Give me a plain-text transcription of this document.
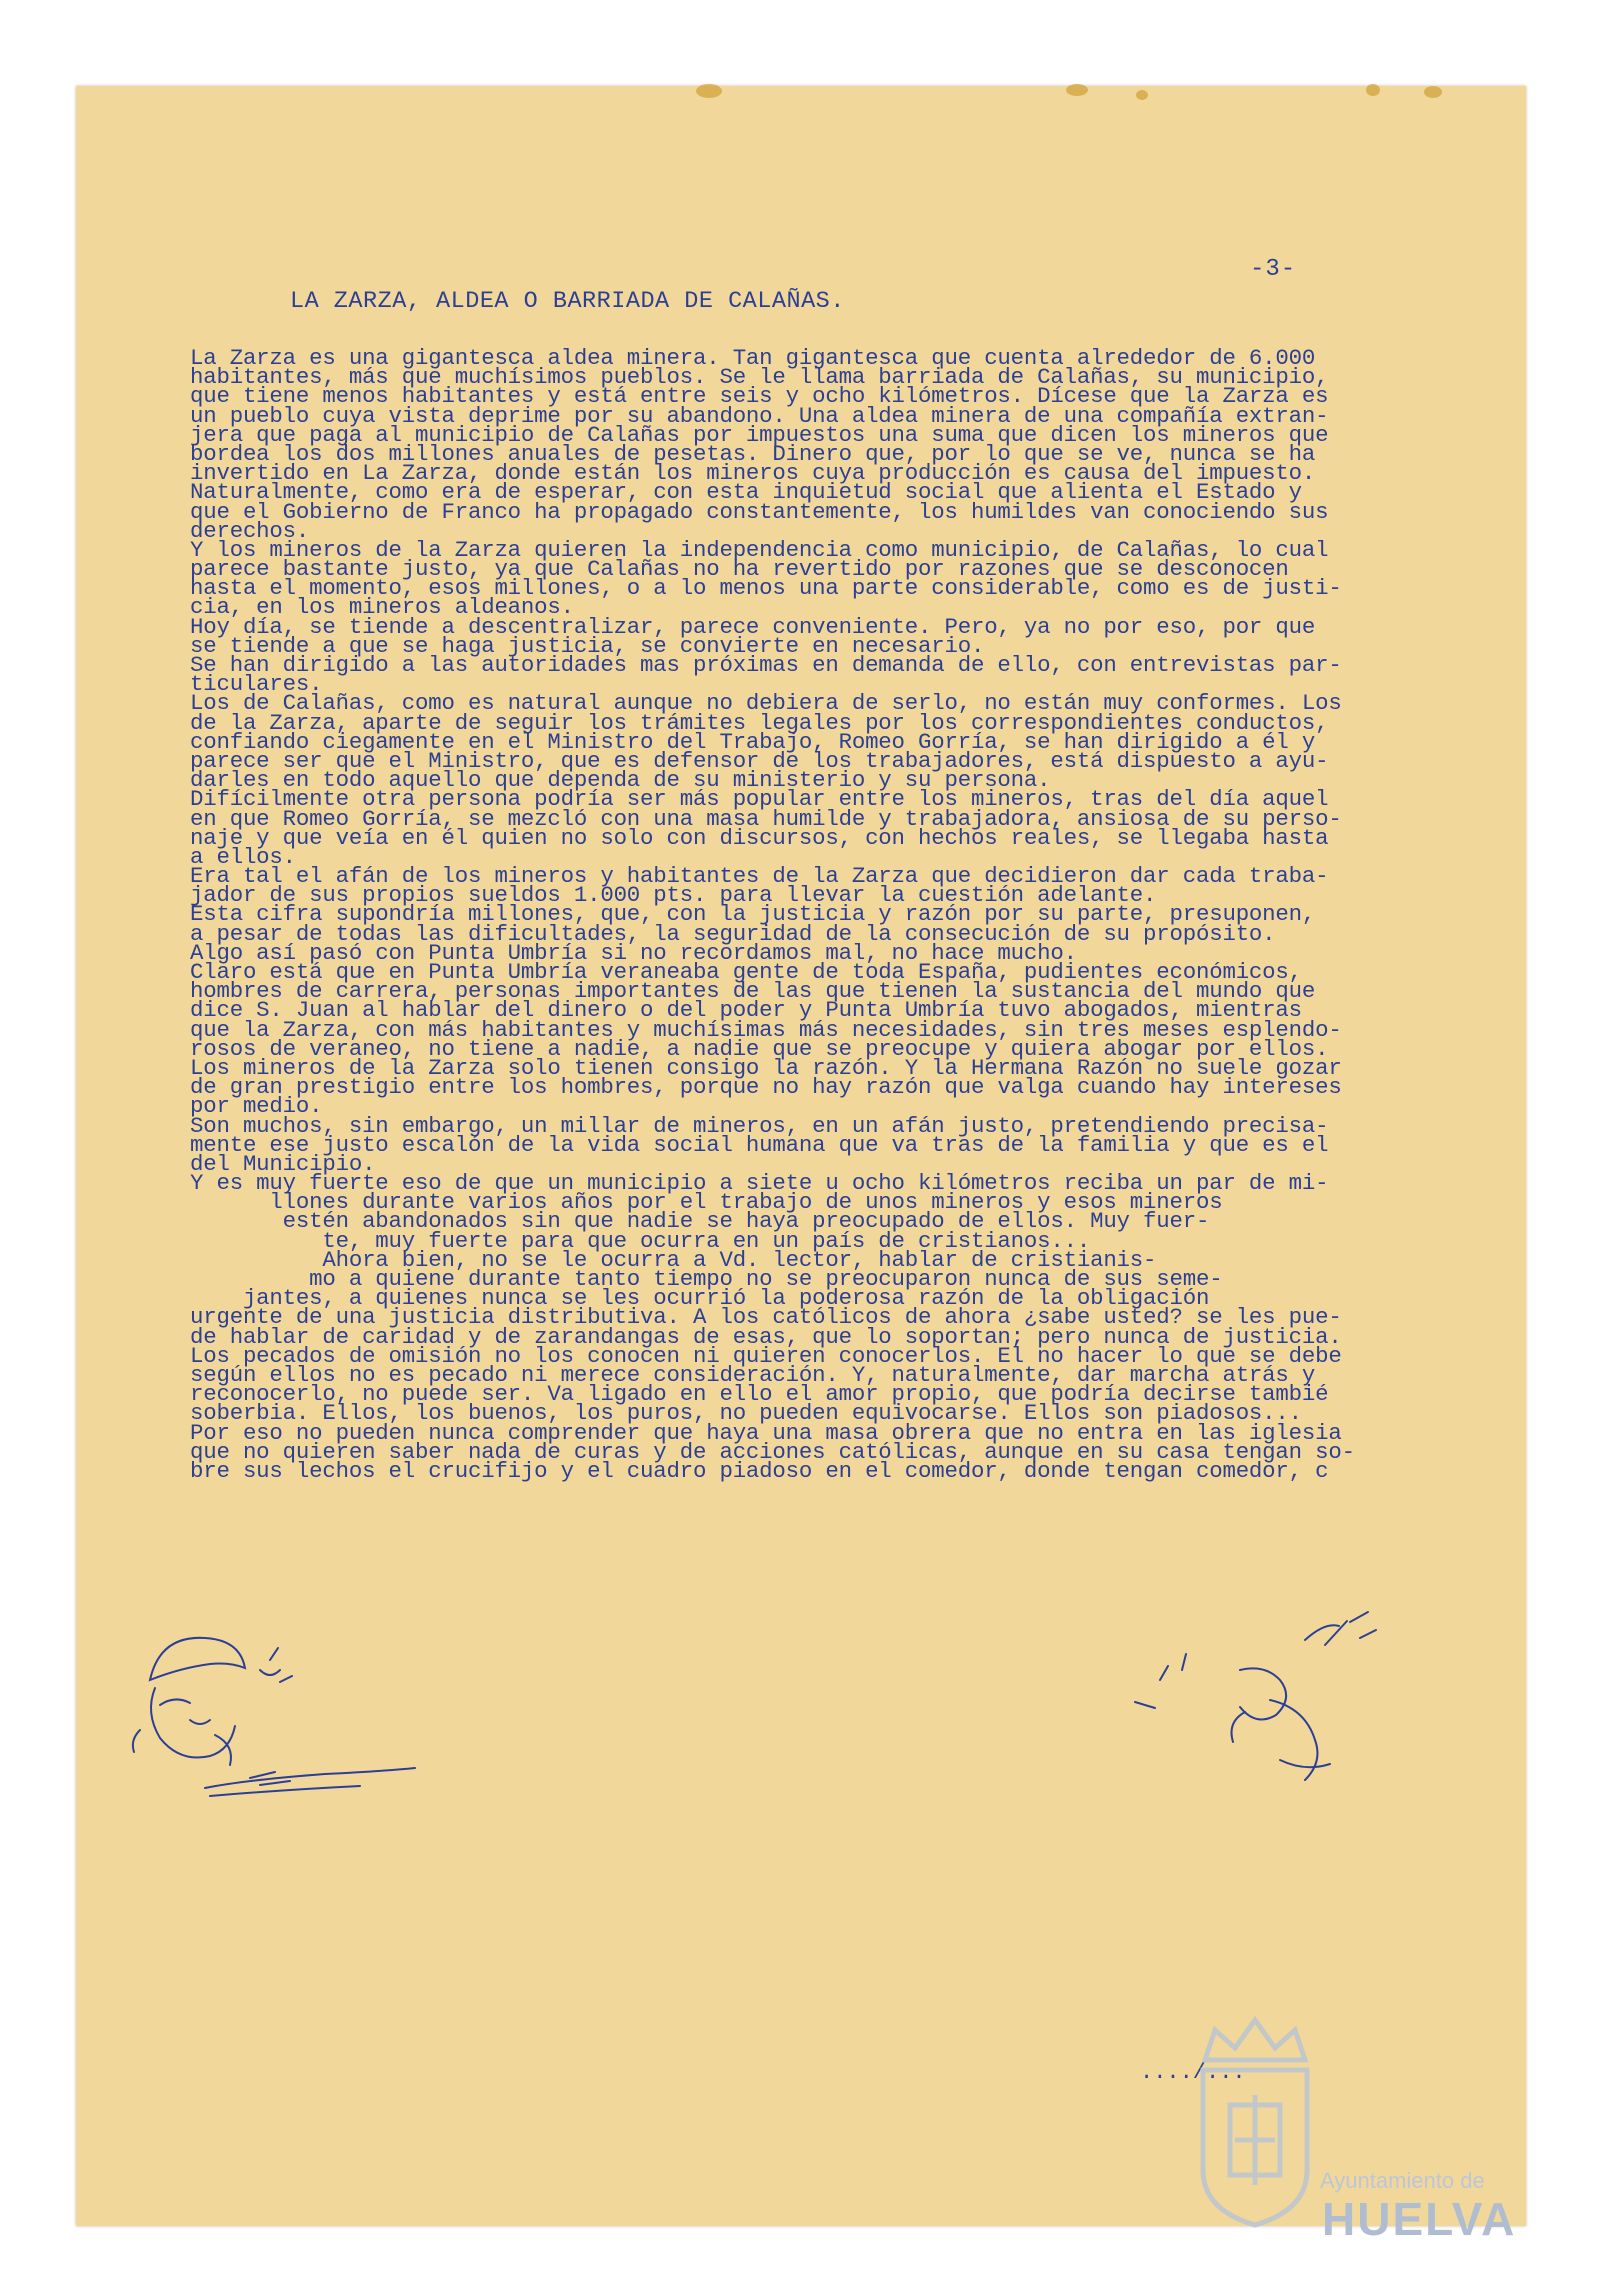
-3-
LA ZARZA, ALDEA O BARRIADA DE CALAÑAS.
La Zarza es una gigantesca aldea minera. Tan gigantesca que cuenta alrededor de 6.000
habitantes, más que muchísimos pueblos. Se le llama barriada de Calañas, su municipio,
que tiene menos habitantes y está entre seis y ocho kilómetros. Dícese que la Zarza es
un pueblo cuya vista deprime por su abandono. Una aldea minera de una compañía extran-
jera que paga al municipio de Calañas por impuestos una suma que dicen los mineros que
bordea los dos millones anuales de pesetas. Dinero que, por lo que se ve, nunca se ha
invertido en La Zarza, donde están los mineros cuya producción es causa del impuesto.
Naturalmente, como era de esperar, con esta inquietud social que alienta el Estado y
que el Gobierno de Franco ha propagado constantemente, los humildes van conociendo sus
derechos.
Y los mineros de la Zarza quieren la independencia como municipio, de Calañas, lo cual
parece bastante justo, ya que Calañas no ha revertido por razones que se desconocen
hasta el momento, esos millones, o a lo menos una parte considerable, como es de justi-
cia, en los mineros aldeanos.
Hoy día, se tiende a descentralizar, parece conveniente. Pero, ya no por eso, por que
se tiende a que se haga justicia, se convierte en necesario.
Se han dirigido a las autoridades mas próximas en demanda de ello, con entrevistas par-
ticulares.
Los de Calañas, como es natural aunque no debiera de serlo, no están muy conformes. Los
de la Zarza, aparte de seguir los trámites legales por los correspondientes conductos,
confiando ciegamente en el Ministro del Trabajo, Romeo Gorría, se han dirigido a él y
parece ser que el Ministro, que es defensor de los trabajadores, está dispuesto a ayu-
darles en todo aquello que dependa de su ministerio y su persona.
Difícilmente otra persona podría ser más popular entre los mineros, tras del día aquel
en que Romeo Gorría, se mezcló con una masa humilde y trabajadora, ansiosa de su perso-
naje y que veía en él quien no solo con discursos, con hechos reales, se llegaba hasta
a ellos.
Era tal el afán de los mineros y habitantes de la Zarza que decidieron dar cada traba-
jador de sus propios sueldos 1.000 pts. para llevar la cuestión adelante.
Esta cifra supondría millones, que, con la justicia y razón por su parte, presuponen,
a pesar de todas las dificultades, la seguridad de la consecución de su propósito.
Algo así pasó con Punta Umbría si no recordamos mal, no hace mucho.
Claro está que en Punta Umbría veraneaba gente de toda España, pudientes económicos,
hombres de carrera, personas importantes de las que tienen la sustancia del mundo que
dice S. Juan al hablar del dinero o del poder y Punta Umbría tuvo abogados, mientras
que la Zarza, con más habitantes y muchísimas más necesidades, sin tres meses esplendo-
rosos de veraneo, no tiene a nadie, a nadie que se preocupe y quiera abogar por ellos.
Los mineros de la Zarza solo tienen consigo la razón. Y la Hermana Razón no suele gozar
de gran prestigio entre los hombres, porque no hay razón que valga cuando hay intereses
por medio.
Son muchos, sin embargo, un millar de mineros, en un afán justo, pretendiendo precisa-
mente ese justo escalón de la vida social humana que va tras de la familia y que es el
del Municipio.
Y es muy fuerte eso de que un municipio a siete u ocho kilómetros reciba un par de mi-
llones durante varios años por el trabajo de unos mineros y esos mineros
estén abandonados sin que nadie se haya preocupado de ellos. Muy fuer-
te, muy fuerte para que ocurra en un país de cristianos...
Ahora bien, no se le ocurra a Vd. lector, hablar de cristianis-
mo a quiene durante tanto tiempo no se preocuparon nunca de sus seme-
jantes, a quienes nunca se les ocurrió la poderosa razón de la obligación
urgente de una justicia distributiva. A los católicos de ahora ¿sabe usted? se les pue-
de hablar de caridad y de zarandangas de esas, que lo soportan; pero nunca de justicia.
Los pecados de omisión no los conocen ni quieren conocerlos. El no hacer lo que se debe
según ellos no es pecado ni merece consideración. Y, naturalmente, dar marcha atrás y
reconocerlo, no puede ser. Va ligado en ello el amor propio, que podría decirse tambié
soberbia. Ellos, los buenos, los puros, no pueden equivocarse. Ellos son piadosos...
Por eso no pueden nunca comprender que haya una masa obrera que no entra en las iglesia
que no quieren saber nada de curas y de acciones católicas, aunque en su casa tengan so-
bre sus lechos el crucifijo y el cuadro piadoso en el comedor, donde tengan comedor, c
..../...
Ayuntamiento de
HUELVA
